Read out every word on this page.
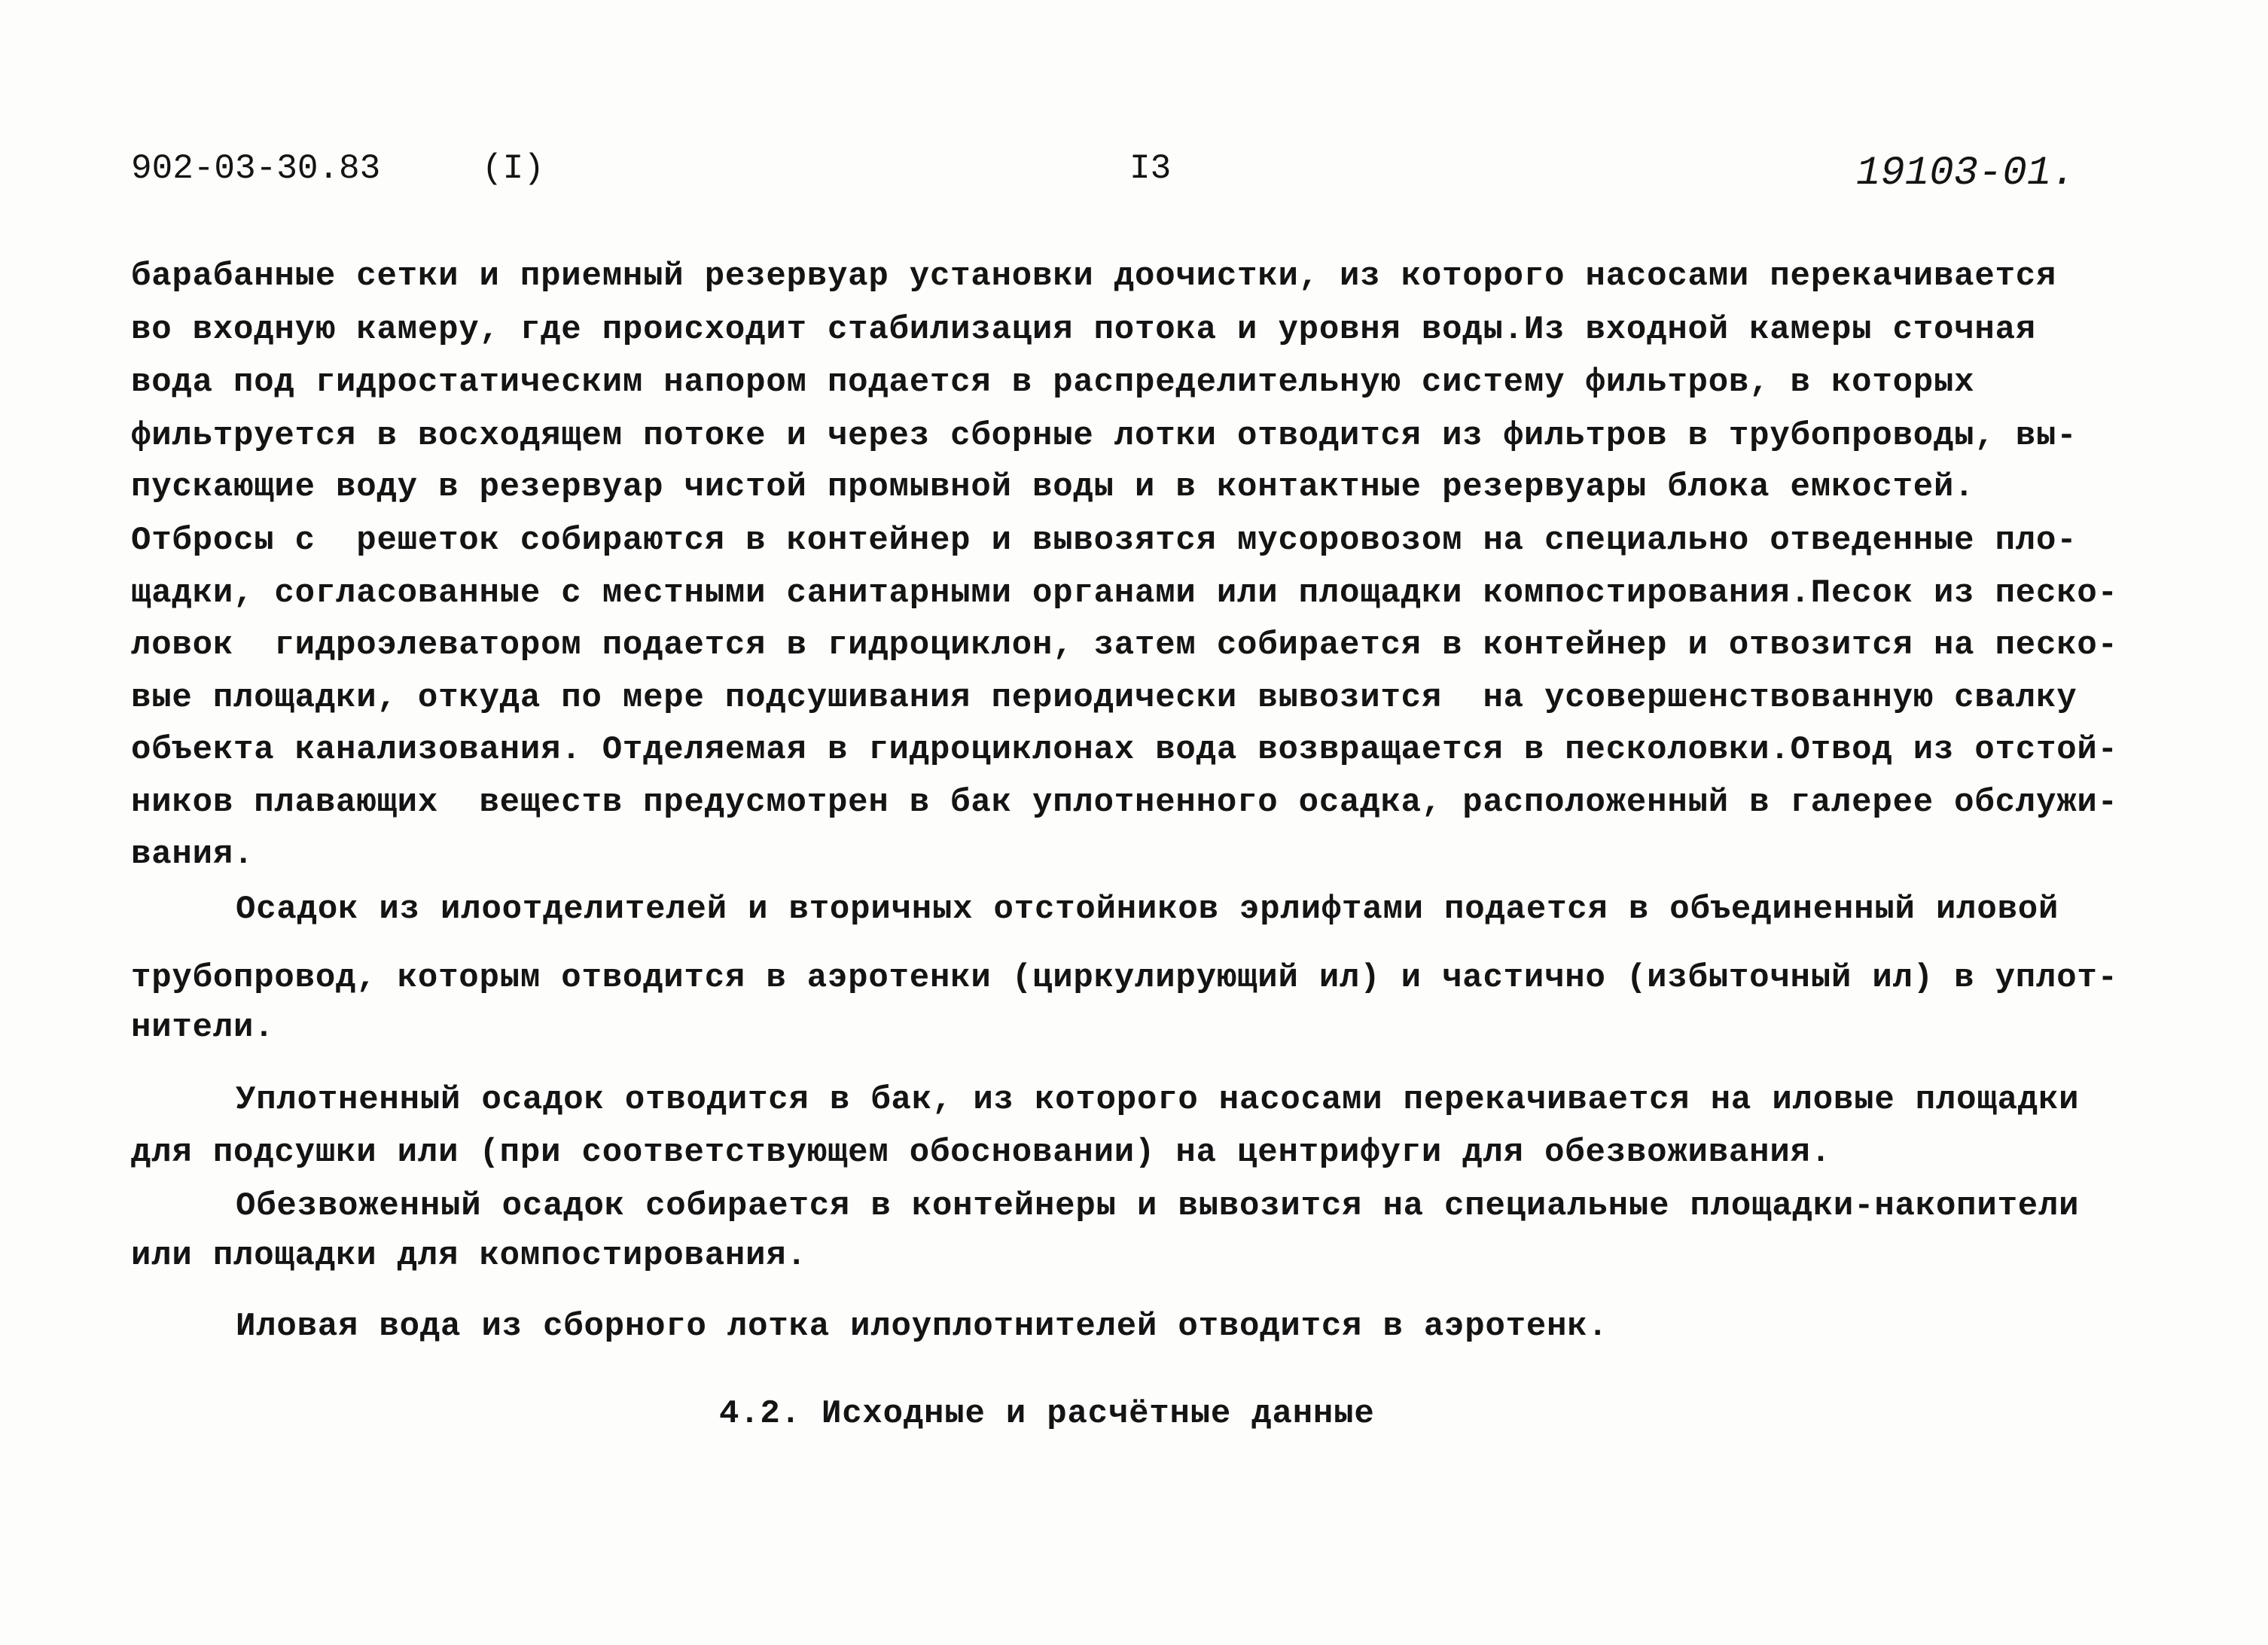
902-03-30.83	(I)	I3	19103-01.
барабанные сетки и приемный резервуар установки доочистки, из которого насосами перекачивается
во входную камеру, где происходит стабилизация потока и уровня воды.Из входной камеры сточная
вода под гидростатическим напором подается в распределительную систему фильтров, в которых
фильтруется в восходящем потоке и через сборные лотки отводится из фильтров в трубопроводы, вы-
пускающие воду в резервуар чистой промывной воды и в контактные резервуары блока емкостей.
Отбросы с  решеток собираются в контейнер и вывозятся мусоровозом на специально отведенные пло-
щадки, согласованные с местными санитарными органами или площадки компостирования.Песок из песко-
ловок  гидроэлеватором подается в гидроциклон, затем собирается в контейнер и отвозится на песко-
вые площадки, откуда по мере подсушивания периодически вывозится  на усовершенствованную свалку
объекта канализования. Отделяемая в гидроциклонах вода возвращается в песколовки.Отвод из отстой-
ников плавающих  веществ предусмотрен в бак уплотненного осадка, расположенный в галерее обслужи-
вания.
Осадок из илоотделителей и вторичных отстойников эрлифтами подается в объединенный иловой
трубопровод, которым отводится в аэротенки (циркулирующий ил) и частично (избыточный ил) в уплот-
нители.
Уплотненный осадок отводится в бак, из которого насосами перекачивается на иловые площадки
для подсушки или (при соответствующем обосновании) на центрифуги для обезвоживания.
Обезвоженный осадок собирается в контейнеры и вывозится на специальные площадки-накопители
или площадки для компостирования.
Иловая вода из сборного лотка илоуплотнителей отводится в аэротенк.
4.2. Исходные и расчётные данные
